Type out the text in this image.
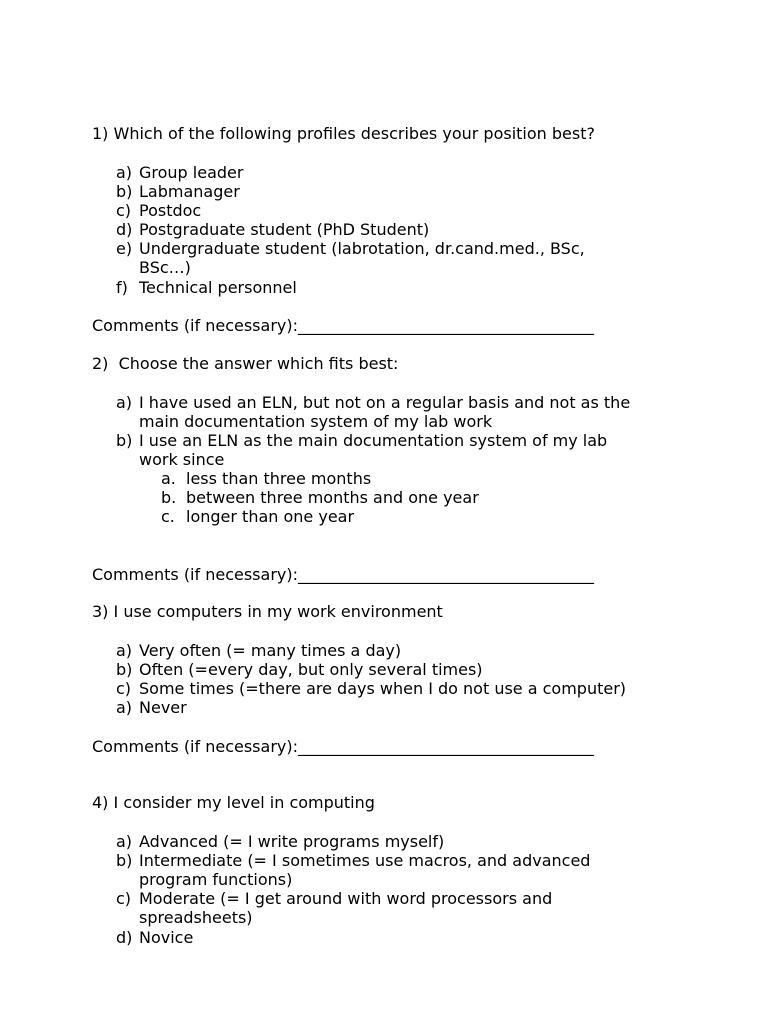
1) Which of the following profiles describes your position best?
a) Group leader
b) Labmanager
c) Postdoc
d) Postgraduate student (PhD Student)
e) Undergraduate student (labrotation, dr.cand.med., BSc,
BSc…)
f) Technical personnel
Comments (if necessary):_____________________________________
2) Choose the answer which fits best:
a) I have used an ELN, but not on a regular basis and not as the
main documentation system of my lab work
b) I use an ELN as the main documentation system of my lab
work since
a. less than three months
b. between three months and one year
c. longer than one year
Comments (if necessary):_____________________________________
3) I use computers in my work environment
a) Very often (= many times a day)
b) Often (=every day, but only several times)
c) Some times (=there are days when I do not use a computer)
a) Never
Comments (if necessary):_____________________________________
4) I consider my level in computing
a) Advanced (= I write programs myself)
b) Intermediate (= I sometimes use macros, and advanced
program functions)
c) Moderate (= I get around with word processors and
spreadsheets)
d) Novice
